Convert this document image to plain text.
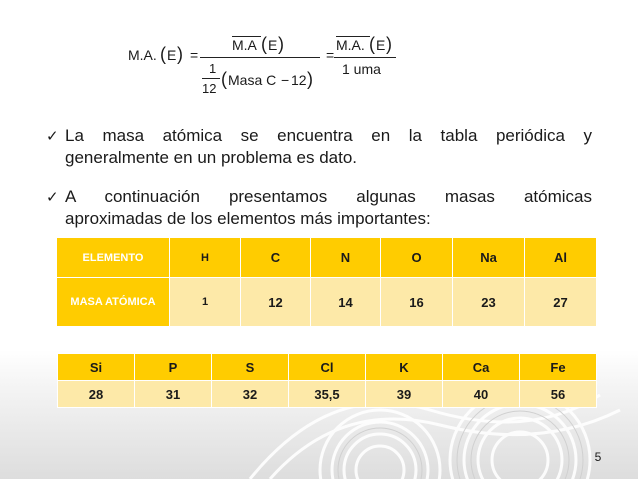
M.A. ( E ) =
M.A ( E )
1
12 ( Masa C − 12 )
=
M.A. ( E )
1 uma
✓ La masa atómica se encuentra en la tabla periódica y
generalmente en un problema es dato.
✓ A continuación presentamos algunas masas atómicas
aproximadas de los elementos más importantes:
ELEMENTO	H	C	N	O	Na	Al
MASA ATÓMICA	1	12	14	16	23	27
Si	P	S	Cl	K	Ca	Fe
28	31	32	35,5	39	40	56
5
